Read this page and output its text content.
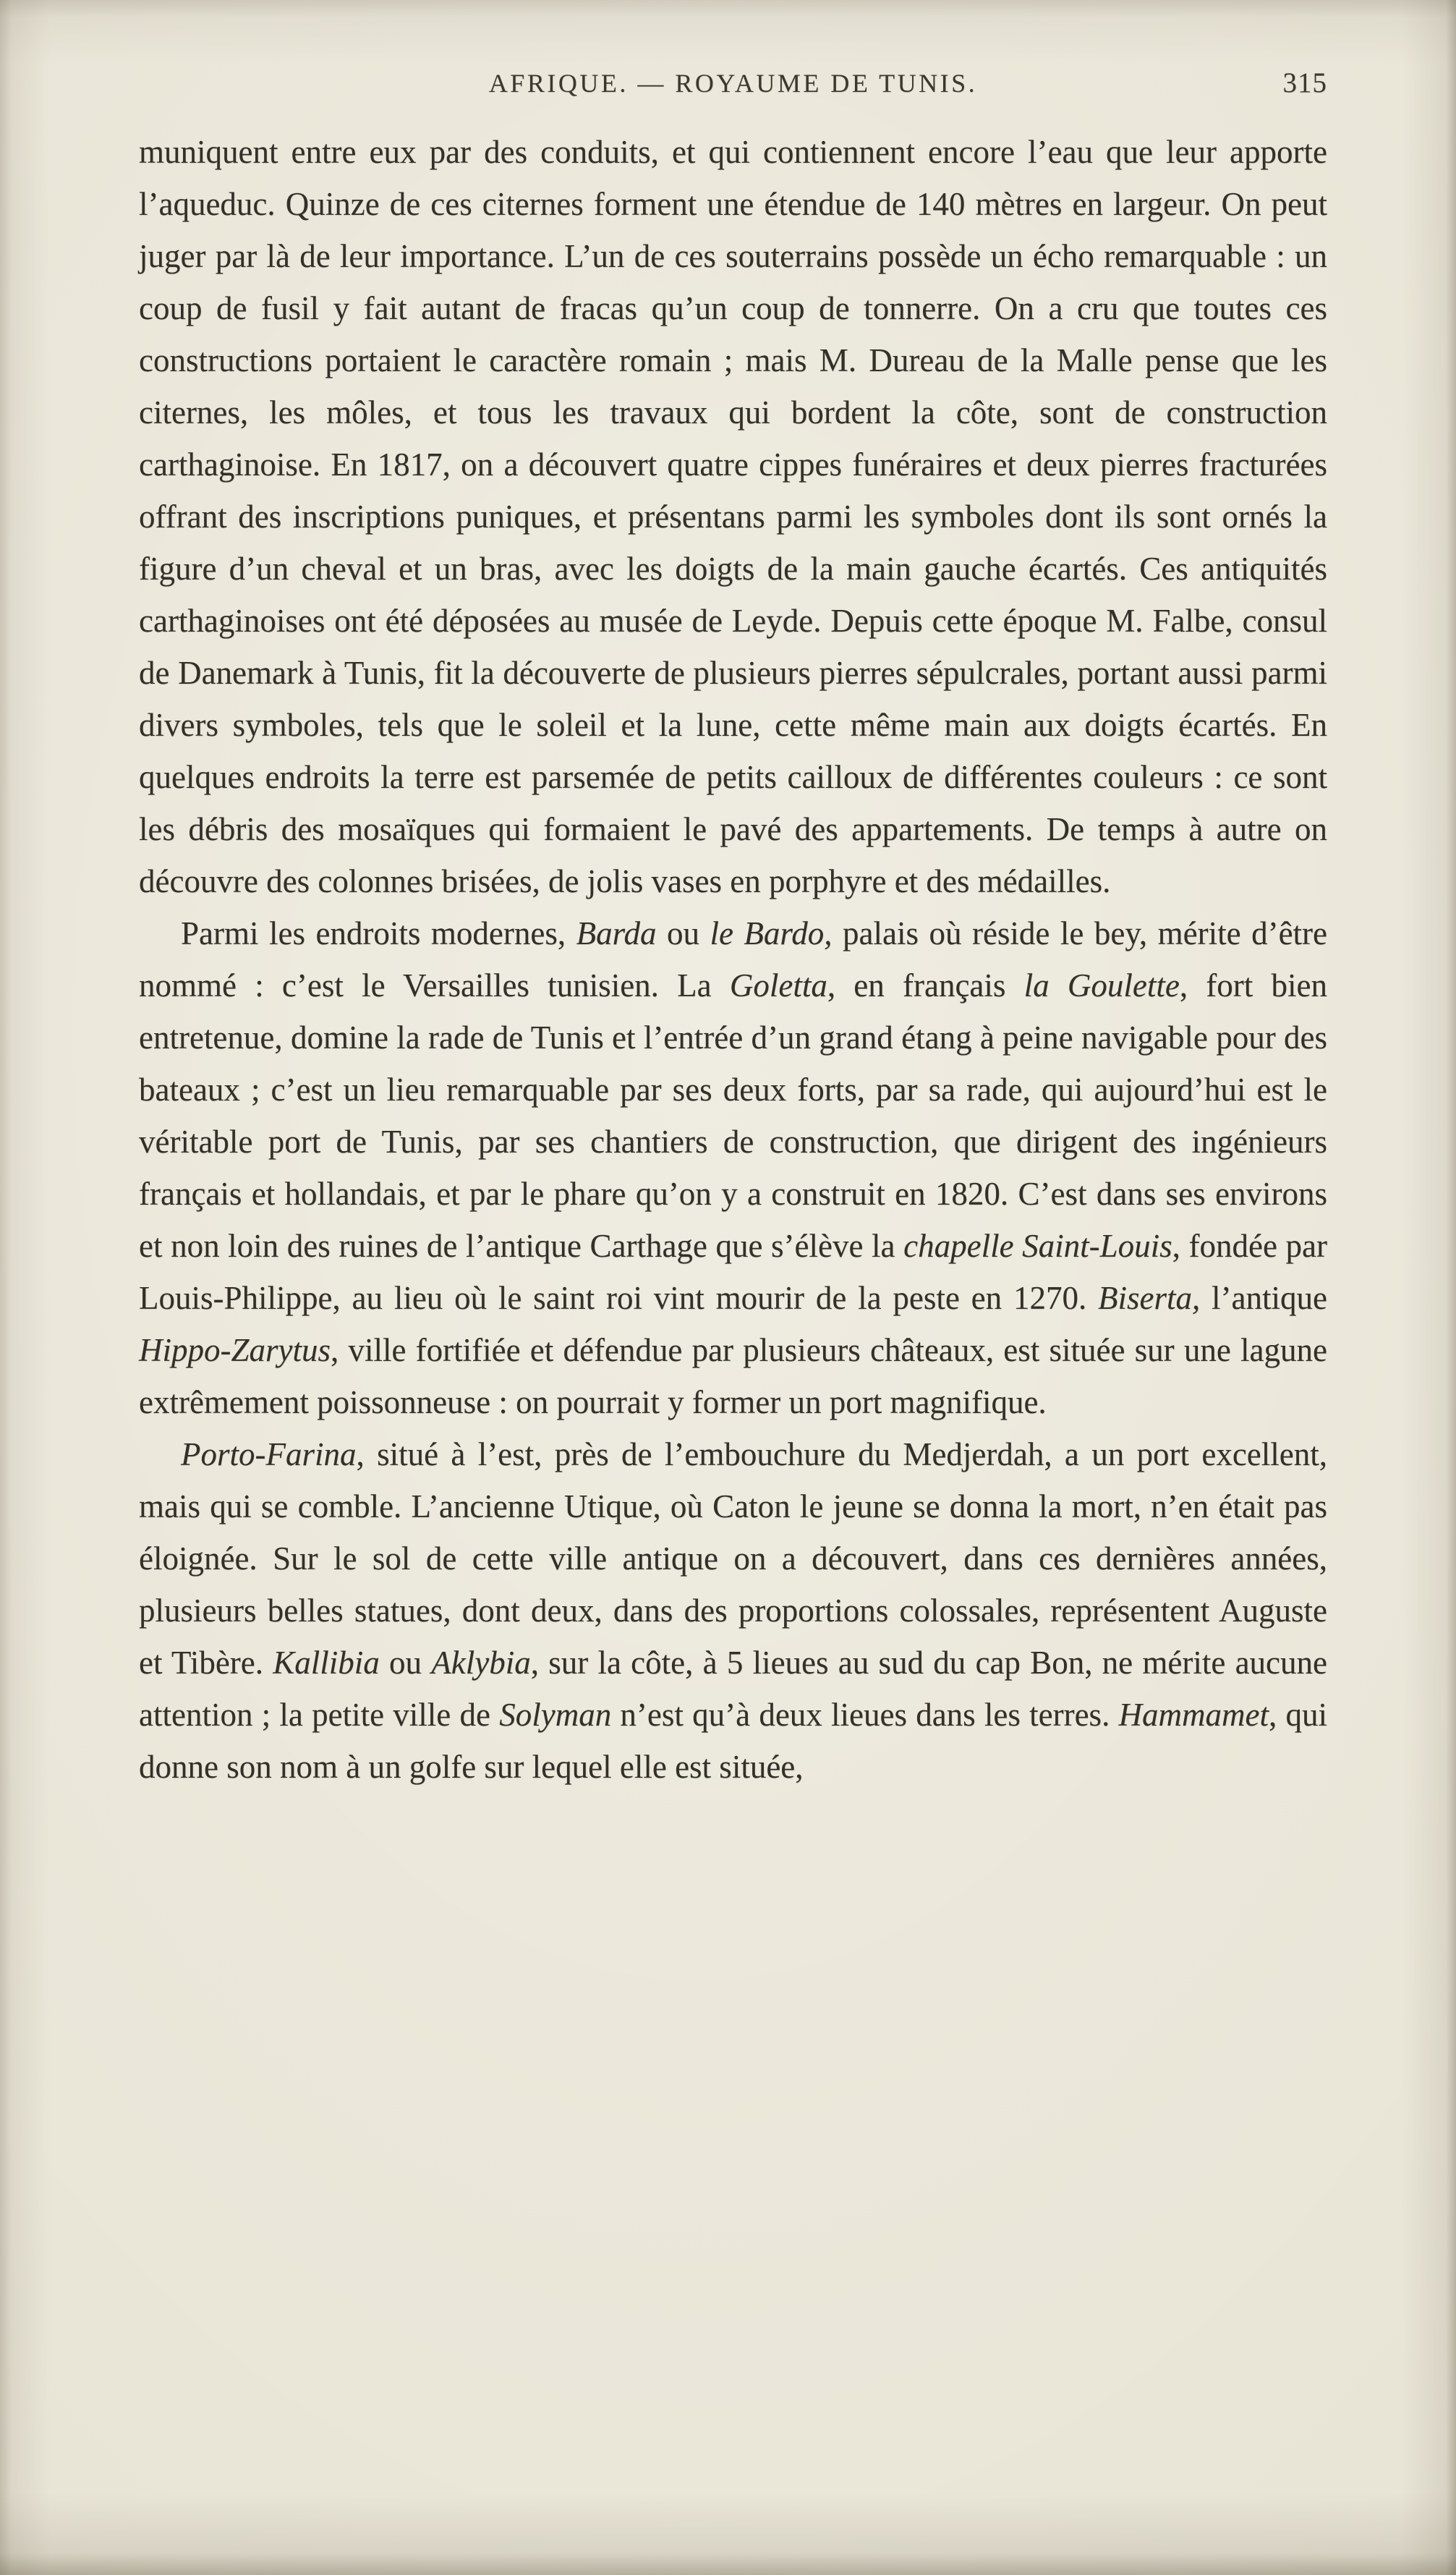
AFRIQUE. — ROYAUME DE TUNIS.	315

muniquent entre eux par des conduits, et qui contiennent encore l’eau que leur apporte l’aqueduc. Quinze de ces citernes forment une étendue de 140 mètres en largeur. On peut juger par là de leur importance. L’un de ces souterrains possède un écho remarquable : un coup de fusil y fait autant de fracas qu’un coup de tonnerre. On a cru que toutes ces constructions portaient le caractère romain ; mais M. Dureau de la Malle pense que les citernes, les môles, et tous les travaux qui bordent la côte, sont de construction carthaginoise. En 1817, on a découvert quatre cippes funéraires et deux pierres fracturées offrant des inscriptions puniques, et présentans parmi les symboles dont ils sont ornés la figure d’un cheval et un bras, avec les doigts de la main gauche écartés. Ces antiquités carthaginoises ont été déposées au musée de Leyde. Depuis cette époque M. Falbe, consul de Danemark à Tunis, fit la découverte de plusieurs pierres sépulcrales, portant aussi parmi divers symboles, tels que le soleil et la lune, cette même main aux doigts écartés. En quelques endroits la terre est parsemée de petits cailloux de différentes couleurs : ce sont les débris des mosaïques qui formaient le pavé des appartements. De temps à autre on découvre des colonnes brisées, de jolis vases en porphyre et des médailles.

Parmi les endroits modernes, Barda ou le Bardo, palais où réside le bey, mérite d’être nommé : c’est le Versailles tunisien. La Goletta, en français la Goulette, fort bien entretenue, domine la rade de Tunis et l’entrée d’un grand étang à peine navigable pour des bateaux ; c’est un lieu remarquable par ses deux forts, par sa rade, qui aujourd’hui est le véritable port de Tunis, par ses chantiers de construction, que dirigent des ingénieurs français et hollandais, et par le phare qu’on y a construit en 1820. C’est dans ses environs et non loin des ruines de l’antique Carthage que s’élève la chapelle Saint-Louis, fondée par Louis-Philippe, au lieu où le saint roi vint mourir de la peste en 1270. Biserta, l’antique Hippo-Zarytus, ville fortifiée et défendue par plusieurs châteaux, est située sur une lagune extrêmement poissonneuse : on pourrait y former un port magnifique.

Porto-Farina, situé à l’est, près de l’embouchure du Medjerdah, a un port excellent, mais qui se comble. L’ancienne Utique, où Caton le jeune se donna la mort, n’en était pas éloignée. Sur le sol de cette ville antique on a découvert, dans ces dernières années, plusieurs belles statues, dont deux, dans des proportions colossales, représentent Auguste et Tibère. Kallibia ou Aklybia, sur la côte, à 5 lieues au sud du cap Bon, ne mérite aucune attention ; la petite ville de Solyman n’est qu’à deux lieues dans les terres. Hammamet, qui donne son nom à un golfe sur lequel elle est située,
